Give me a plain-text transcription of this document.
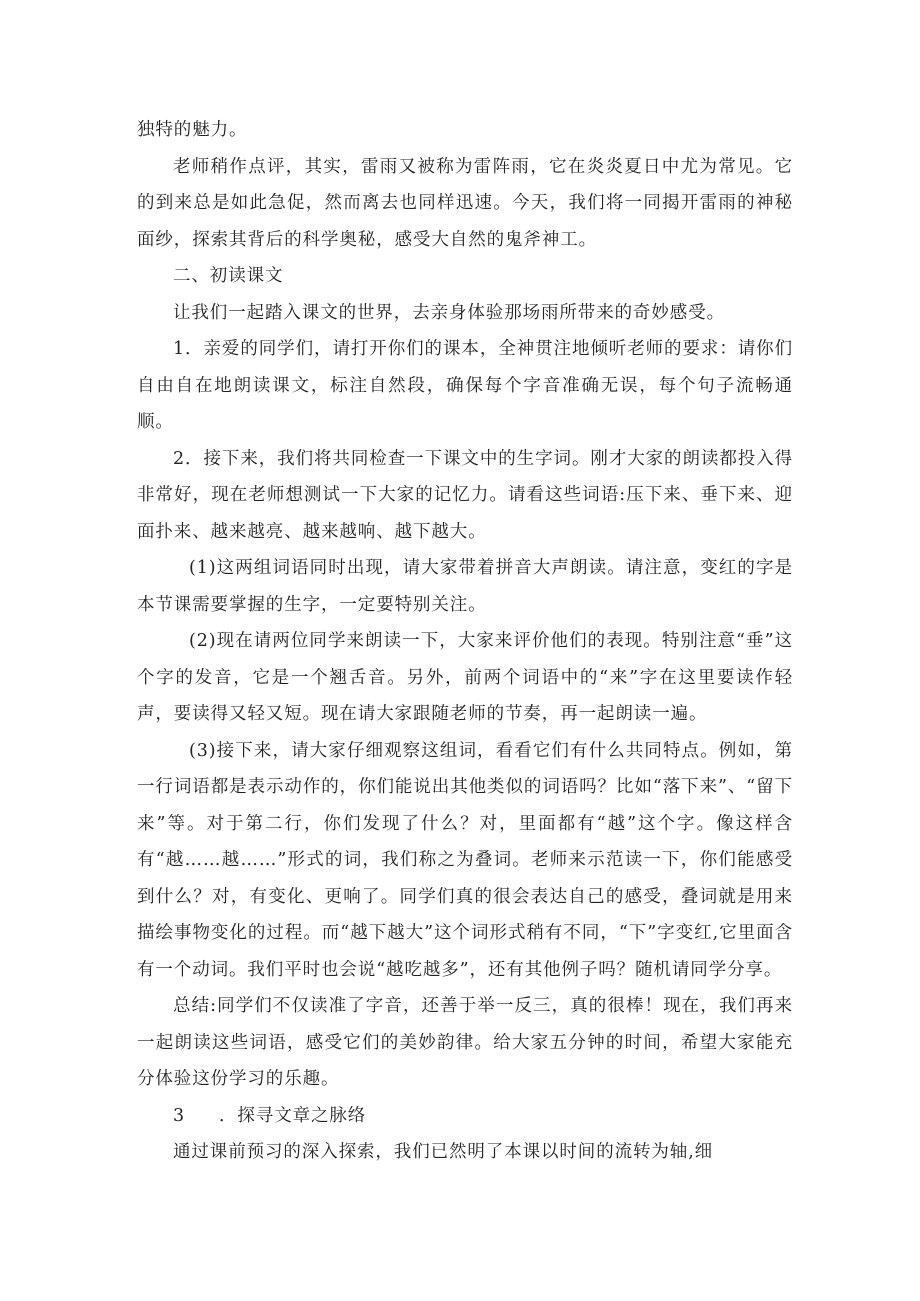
独特的魅力。

老师稍作点评，其实，雷雨又被称为雷阵雨，它在炎炎夏日中尤为常见。它的到来总是如此急促，然而离去也同样迅速。今天，我们将一同揭开雷雨的神秘面纱，探索其背后的科学奥秘，感受大自然的鬼斧神工。

二、初读课文

让我们一起踏入课文的世界，去亲身体验那场雨所带来的奇妙感受。

1．亲爱的同学们，请打开你们的课本，全神贯注地倾听老师的要求：请你们自由自在地朗读课文，标注自然段，确保每个字音准确无误，每个句子流畅通顺。

2．接下来，我们将共同检查一下课文中的生字词。刚才大家的朗读都投入得非常好，现在老师想测试一下大家的记忆力。请看这些词语:压下来、垂下来、迎面扑来、越来越亮、越来越响、越下越大。

(1)这两组词语同时出现，请大家带着拼音大声朗读。请注意，变红的字是本节课需要掌握的生字，一定要特别关注。

(2)现在请两位同学来朗读一下，大家来评价他们的表现。特别注意“垂”这个字的发音，它是一个翘舌音。另外，前两个词语中的“来”字在这里要读作轻声，要读得又轻又短。现在请大家跟随老师的节奏，再一起朗读一遍。

(3)接下来，请大家仔细观察这组词，看看它们有什么共同特点。例如，第一行词语都是表示动作的，你们能说出其他类似的词语吗？比如“落下来”、“留下来”等。对于第二行，你们发现了什么？对，里面都有“越”这个字。像这样含有“越……越……”形式的词，我们称之为叠词。老师来示范读一下，你们能感受到什么？对，有变化、更响了。同学们真的很会表达自己的感受，叠词就是用来描绘事物变化的过程。而“越下越大”这个词形式稍有不同，“下”字变红,它里面含有一个动词。我们平时也会说“越吃越多”，还有其他例子吗？随机请同学分享。

总结:同学们不仅读准了字音，还善于举一反三，真的很棒！现在，我们再来一起朗读这些词语，感受它们的美妙韵律。给大家五分钟的时间，希望大家能充分体验这份学习的乐趣。

3 ．探寻文章之脉络

通过课前预习的深入探索，我们已然明了本课以时间的流转为轴,细
